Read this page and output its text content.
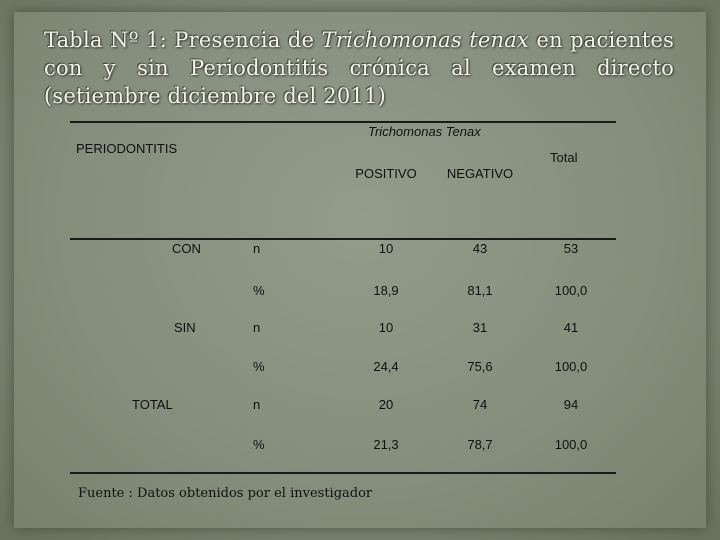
Tabla Nº 1: Presencia de Trichomonas tenax en pacientes con y sin Periodontitis crónica al examen directo (setiembre diciembre del 2011)
Trichomonas Tenax
PERIODONTITIS
Total
POSITIVO	NEGATIVO
CON	n	10	43	53
%	18,9	81,1	100,0
SIN	n	10	31	41
%	24,4	75,6	100,0
TOTAL	n	20	74	94
%	21,3	78,7	100,0
Fuente : Datos obtenidos por el investigador
